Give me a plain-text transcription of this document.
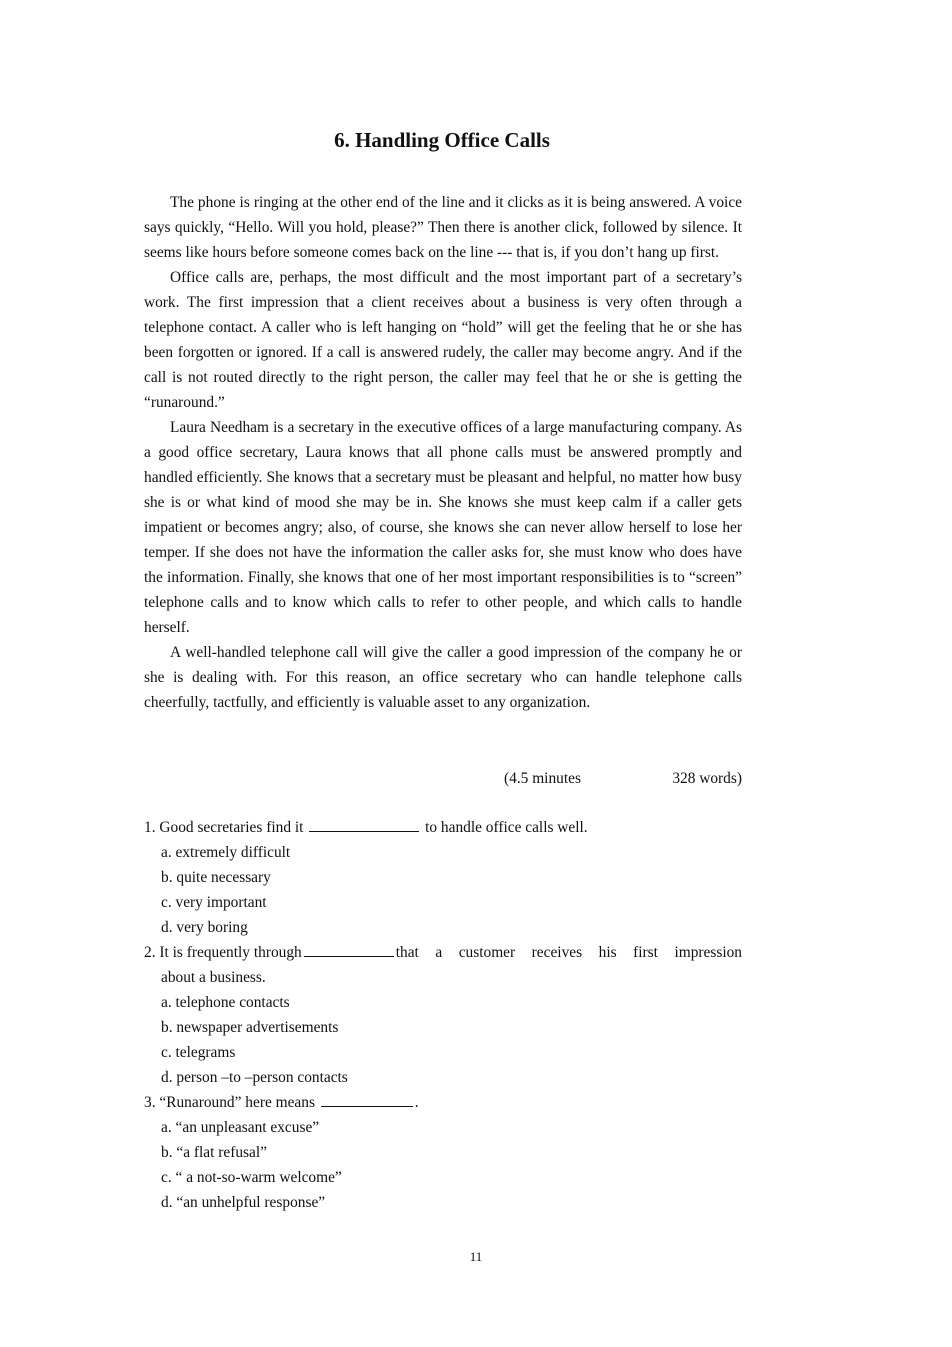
6. Handling Office Calls

The phone is ringing at the other end of the line and it clicks as it is being answered. A voice says quickly, “Hello. Will you hold, please?” Then there is another click, followed by silence. It seems like hours before someone comes back on the line --- that is, if you don’t hang up first.

Office calls are, perhaps, the most difficult and the most important part of a secretary’s work. The first impression that a client receives about a business is very often through a telephone contact. A caller who is left hanging on “hold” will get the feeling that he or she has been forgotten or ignored. If a call is answered rudely, the caller may become angry. And if the call is not routed directly to the right person, the caller may feel that he or she is getting the “runaround.”

Laura Needham is a secretary in the executive offices of a large manufacturing company. As a good office secretary, Laura knows that all phone calls must be answered promptly and handled efficiently. She knows that a secretary must be pleasant and helpful, no matter how busy she is or what kind of mood she may be in. She knows she must keep calm if a caller gets impatient or becomes angry; also, of course, she knows she can never allow herself to lose her temper. If she does not have the information the caller asks for, she must know who does have the information. Finally, she knows that one of her most important responsibilities is to “screen” telephone calls and to know which calls to refer to other people, and which calls to handle herself.

A well-handled telephone call will give the caller a good impression of the company he or she is dealing with. For this reason, an office secretary who can handle telephone calls cheerfully, tactfully, and efficiently is valuable asset to any organization.

(4.5 minutes	328 words)

1. Good secretaries find it	to handle office calls well.

a. extremely difficult

b. quite necessary

c. very important

d. very boring

2. It is frequently through	that a customer receives his first impression

about a business.

a. telephone contacts

b. newspaper advertisements

c. telegrams

d. person –to –person contacts

3. “Runaround” here means	.

a. “an unpleasant excuse”

b. “a flat refusal”

c. “ a not-so-warm welcome”

d. “an unhelpful response”

11
